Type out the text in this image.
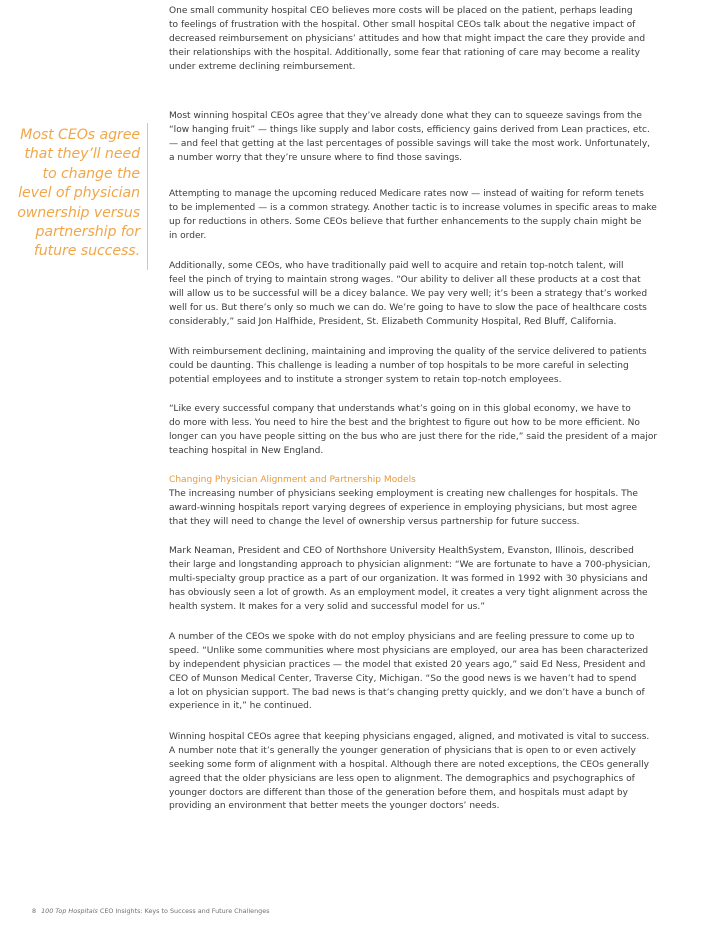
Most CEOs agree that they’ll need to change the level of physician ownership versus partnership for future success.
One small community hospital CEO believes more costs will be placed on the patient, perhaps leading
to feelings of frustration with the hospital. Other small hospital CEOs talk about the negative impact of
decreased reimbursement on physicians’ attitudes and how that might impact the care they provide and
their relationships with the hospital. Additionally, some fear that rationing of care may become a reality
under extreme declining reimbursement.
Most winning hospital CEOs agree that they’ve already done what they can to squeeze savings from the
“low hanging fruit” — things like supply and labor costs, efficiency gains derived from Lean practices, etc.
— and feel that getting at the last percentages of possible savings will take the most work. Unfortunately,
a number worry that they’re unsure where to find those savings.
Attempting to manage the upcoming reduced Medicare rates now — instead of waiting for reform tenets
to be implemented — is a common strategy. Another tactic is to increase volumes in specific areas to make
up for reductions in others. Some CEOs believe that further enhancements to the supply chain might be
in order.
Additionally, some CEOs, who have traditionally paid well to acquire and retain top-notch talent, will
feel the pinch of trying to maintain strong wages. “Our ability to deliver all these products at a cost that
will allow us to be successful will be a dicey balance. We pay very well; it’s been a strategy that’s worked
well for us. But there’s only so much we can do. We’re going to have to slow the pace of healthcare costs
considerably,” said Jon Halfhide, President, St. Elizabeth Community Hospital, Red Bluff, California.
With reimbursement declining, maintaining and improving the quality of the service delivered to patients
could be daunting. This challenge is leading a number of top hospitals to be more careful in selecting
potential employees and to institute a stronger system to retain top-notch employees.
“Like every successful company that understands what’s going on in this global economy, we have to
do more with less. You need to hire the best and the brightest to figure out how to be more efficient. No
longer can you have people sitting on the bus who are just there for the ride,” said the president of a major
teaching hospital in New England.
Changing Physician Alignment and Partnership Models
The increasing number of physicians seeking employment is creating new challenges for hospitals. The
award-winning hospitals report varying degrees of experience in employing physicians, but most agree
that they will need to change the level of ownership versus partnership for future success.
Mark Neaman, President and CEO of Northshore University HealthSystem, Evanston, Illinois, described
their large and longstanding approach to physician alignment: “We are fortunate to have a 700-physician,
multi-specialty group practice as a part of our organization. It was formed in 1992 with 30 physicians and
has obviously seen a lot of growth. As an employment model, it creates a very tight alignment across the
health system. It makes for a very solid and successful model for us.”
A number of the CEOs we spoke with do not employ physicians and are feeling pressure to come up to
speed. “Unlike some communities where most physicians are employed, our area has been characterized
by independent physician practices — the model that existed 20 years ago,” said Ed Ness, President and
CEO of Munson Medical Center, Traverse City, Michigan. “So the good news is we haven’t had to spend
a lot on physician support. The bad news is that’s changing pretty quickly, and we don’t have a bunch of
experience in it,” he continued.
Winning hospital CEOs agree that keeping physicians engaged, aligned, and motivated is vital to success.
A number note that it’s generally the younger generation of physicians that is open to or even actively
seeking some form of alignment with a hospital. Although there are noted exceptions, the CEOs generally
agreed that the older physicians are less open to alignment. The demographics and psychographics of
younger doctors are different than those of the generation before them, and hospitals must adapt by
providing an environment that better meets the younger doctors’ needs.
8 100 Top Hospitals CEO Insights: Keys to Success and Future Challenges
